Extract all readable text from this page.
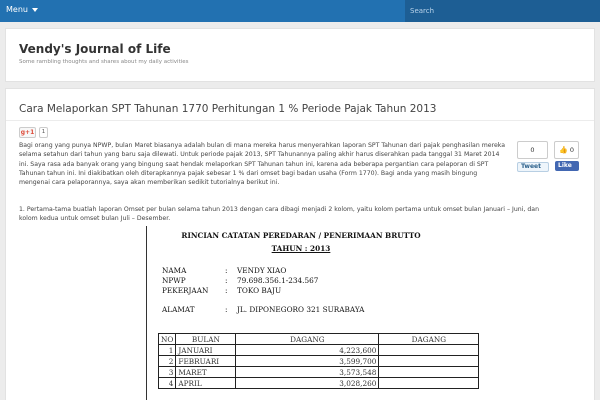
Menu
Search
Vendy's Journal of Life
Some rambling thoughts and shares about my daily activities
Cara Melaporkan SPT Tahunan 1770 Perhitungan 1 % Periode Pajak Tahun 2013
g+1	1
Bagi orang yang punya NPWP, bulan Maret biasanya adalah bulan di mana mereka harus menyerahkan laporan SPT Tahunan dari pajak penghasilan mereka selama setahun dari tahun yang baru saja dilewati. Untuk periode pajak 2013, SPT Tahunannya paling akhir harus diserahkan pada tanggal 31 Maret 2014 ini. Saya rasa ada banyak orang yang bingung saat hendak melaporkan SPT Tahunan tahun ini, karena ada beberapa pergantian cara pelaporan di SPT Tahunan tahun ini. Ini diakibatkan oleh diterapkannya pajak sebesar 1 % dari omset bagi badan usaha (Form 1770). Bagi anda yang masih bingung mengenai cara pelaporannya, saya akan memberikan sedikit tutorialnya berikut ini.
0	👍 0
Tweet	Like
1. Pertama-tama buatlah laporan Omset per bulan selama tahun 2013 dengan cara dibagi menjadi 2 kolom, yaitu kolom pertama untuk omset bulan Januari – Juni, dan kolom kedua untuk omset bulan Juli – Desember.
RINCIAN CATATAN PEREDARAN / PENERIMAAN BRUTTO
TAHUN : 2013
NAMA	: VENDY XIAO
NPWP	: 79.698.356.1-234.567
PEKERJAAN : TOKO BAJU
ALAMAT	: JL. DIPONEGORO 321 SURABAYA
NO	BULAN	DAGANG	DAGANG
1	JANUARI	4,223,600	
2	FEBRUARI	3,599,700	
3	MARET	3,573,548	
4	APRIL	3,028,260	
